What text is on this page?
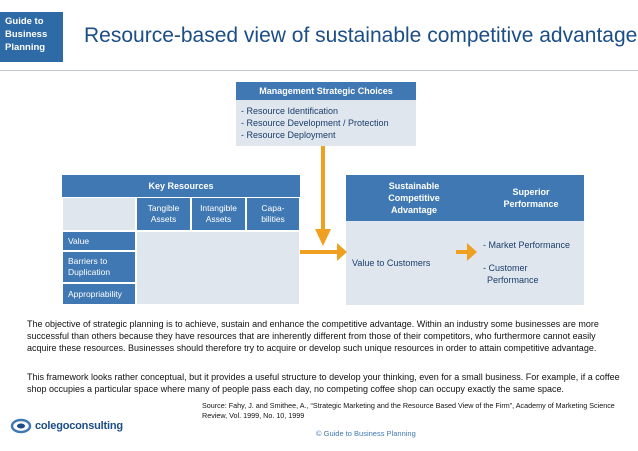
Guide to
Business
Planning
Resource-based view of sustainable competitive advantage
Management Strategic Choices
- Resource Identification
- Resource Development / Protection
- Resource Deployment
Key Resources
Tangible
Assets
Intangible
Assets
Capa-
bilities
Value
Barriers to
Duplication
Appropriability
Sustainable
Competitive
Advantage
Value to Customers
Superior
Performance
- Market Performance
- Customer
Performance
The objective of strategic planning is to achieve, sustain and enhance the competitive advantage. Within an industry some businesses are more successful than others because they have resources that are inherently different from those of their competitors, who furthermore cannot easily acquire these resources. Businesses should therefore try to acquire or develop such unique resources in order to attain competitive advantage.
This framework looks rather conceptual, but it provides a useful structure to develop your thinking, even for a small business. For example, if a coffee shop occupies a particular space where many of people pass each day, no competing coffee shop can occupy exactly the same space.
Source: Fahy, J. and Smithee, A., “Strategic Marketing and the Resource Based View of the Firm”, Academy of Marketing Science Review, Vol. 1999, No. 10, 1999
colegoconsulting
© Guide to Business Planning
